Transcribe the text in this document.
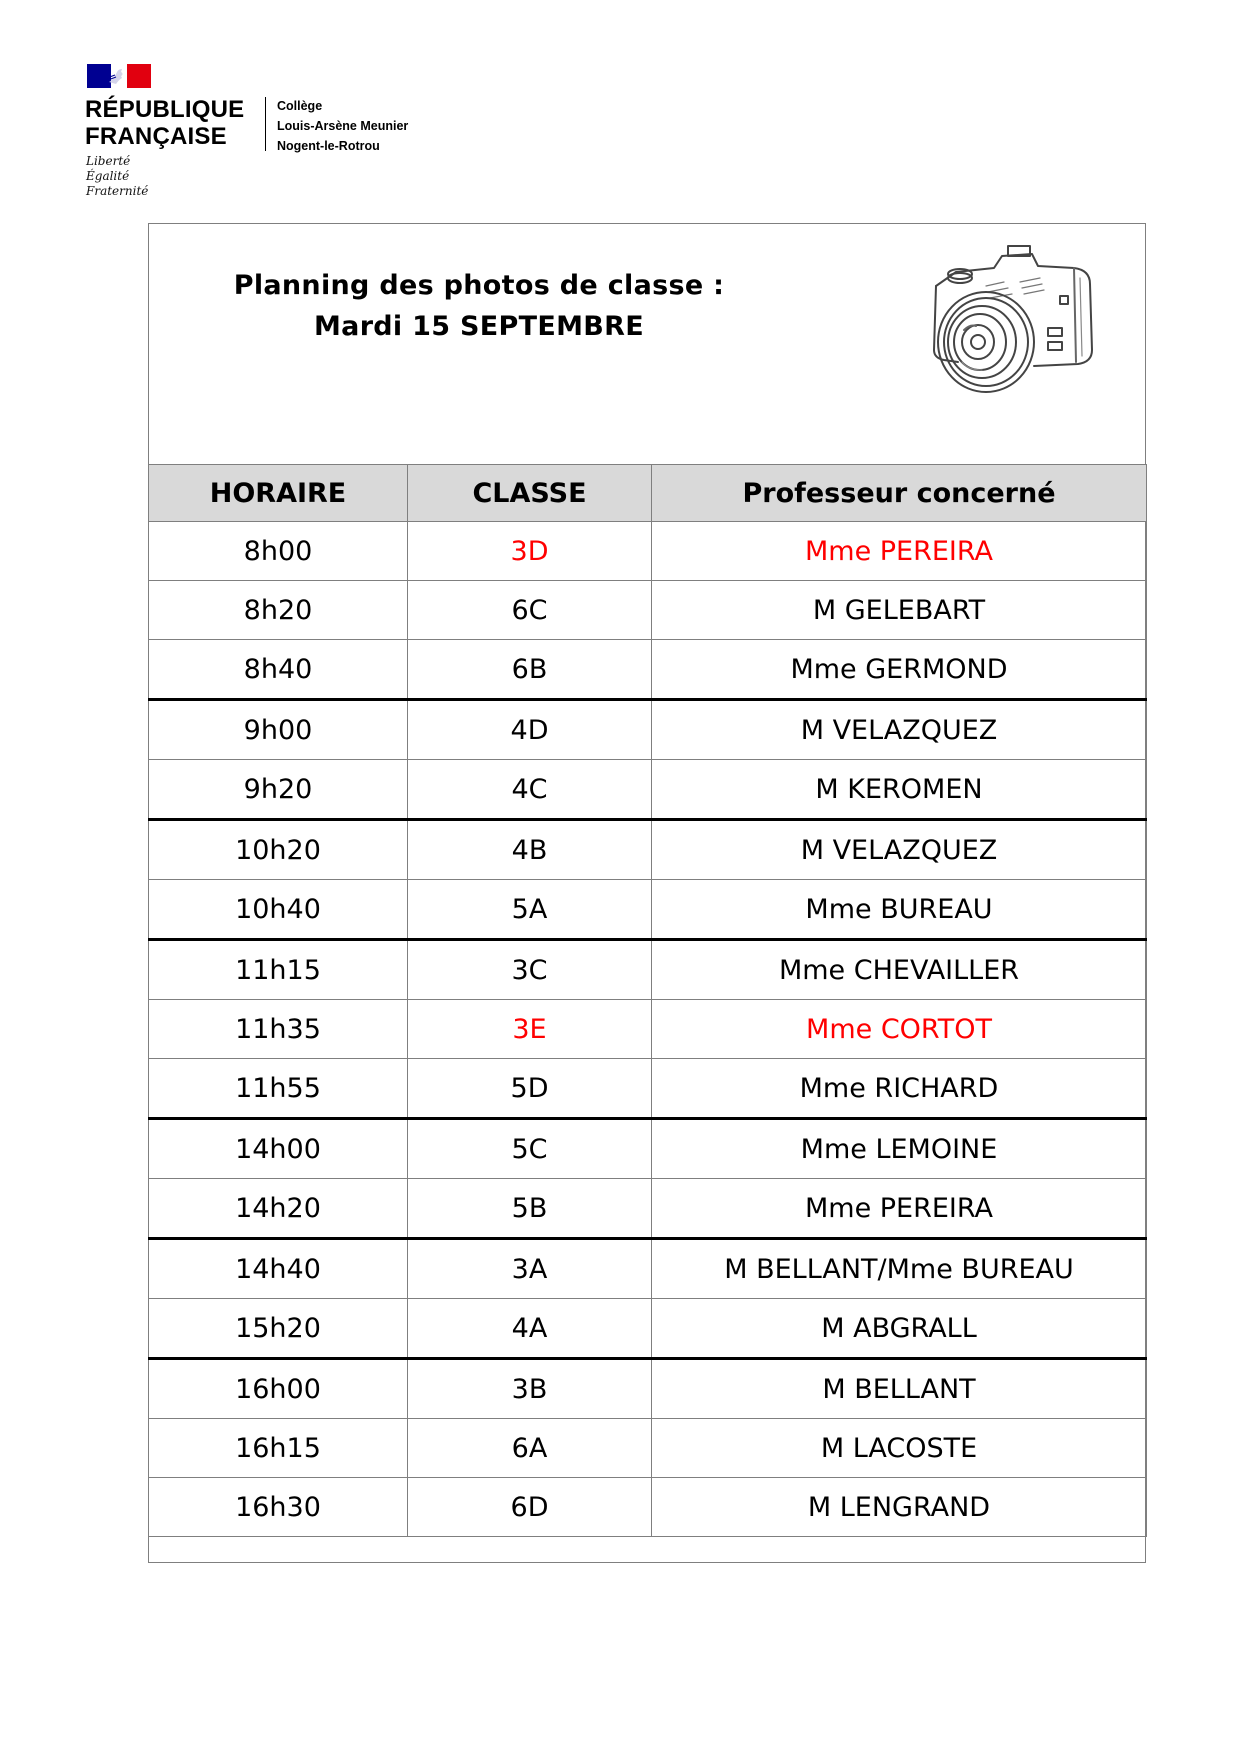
RÉPUBLIQUE
FRANÇAISE
Liberté
Égalité
Fraternité
Collège
Louis-Arsène Meunier
Nogent-le-Rotrou
Planning des photos de classe :
Mardi 15 SEPTEMBRE
HORAIRE	CLASSE	Professeur concerné
8h00	3D	Mme PEREIRA
8h20	6C	M GELEBART
8h40	6B	Mme GERMOND
9h00	4D	M VELAZQUEZ
9h20	4C	M KEROMEN
10h20	4B	M VELAZQUEZ
10h40	5A	Mme BUREAU
11h15	3C	Mme CHEVAILLER
11h35	3E	Mme CORTOT
11h55	5D	Mme RICHARD
14h00	5C	Mme LEMOINE
14h20	5B	Mme PEREIRA
14h40	3A	M BELLANT/Mme BUREAU
15h20	4A	M ABGRALL
16h00	3B	M BELLANT
16h15	6A	M LACOSTE
16h30	6D	M LENGRAND
